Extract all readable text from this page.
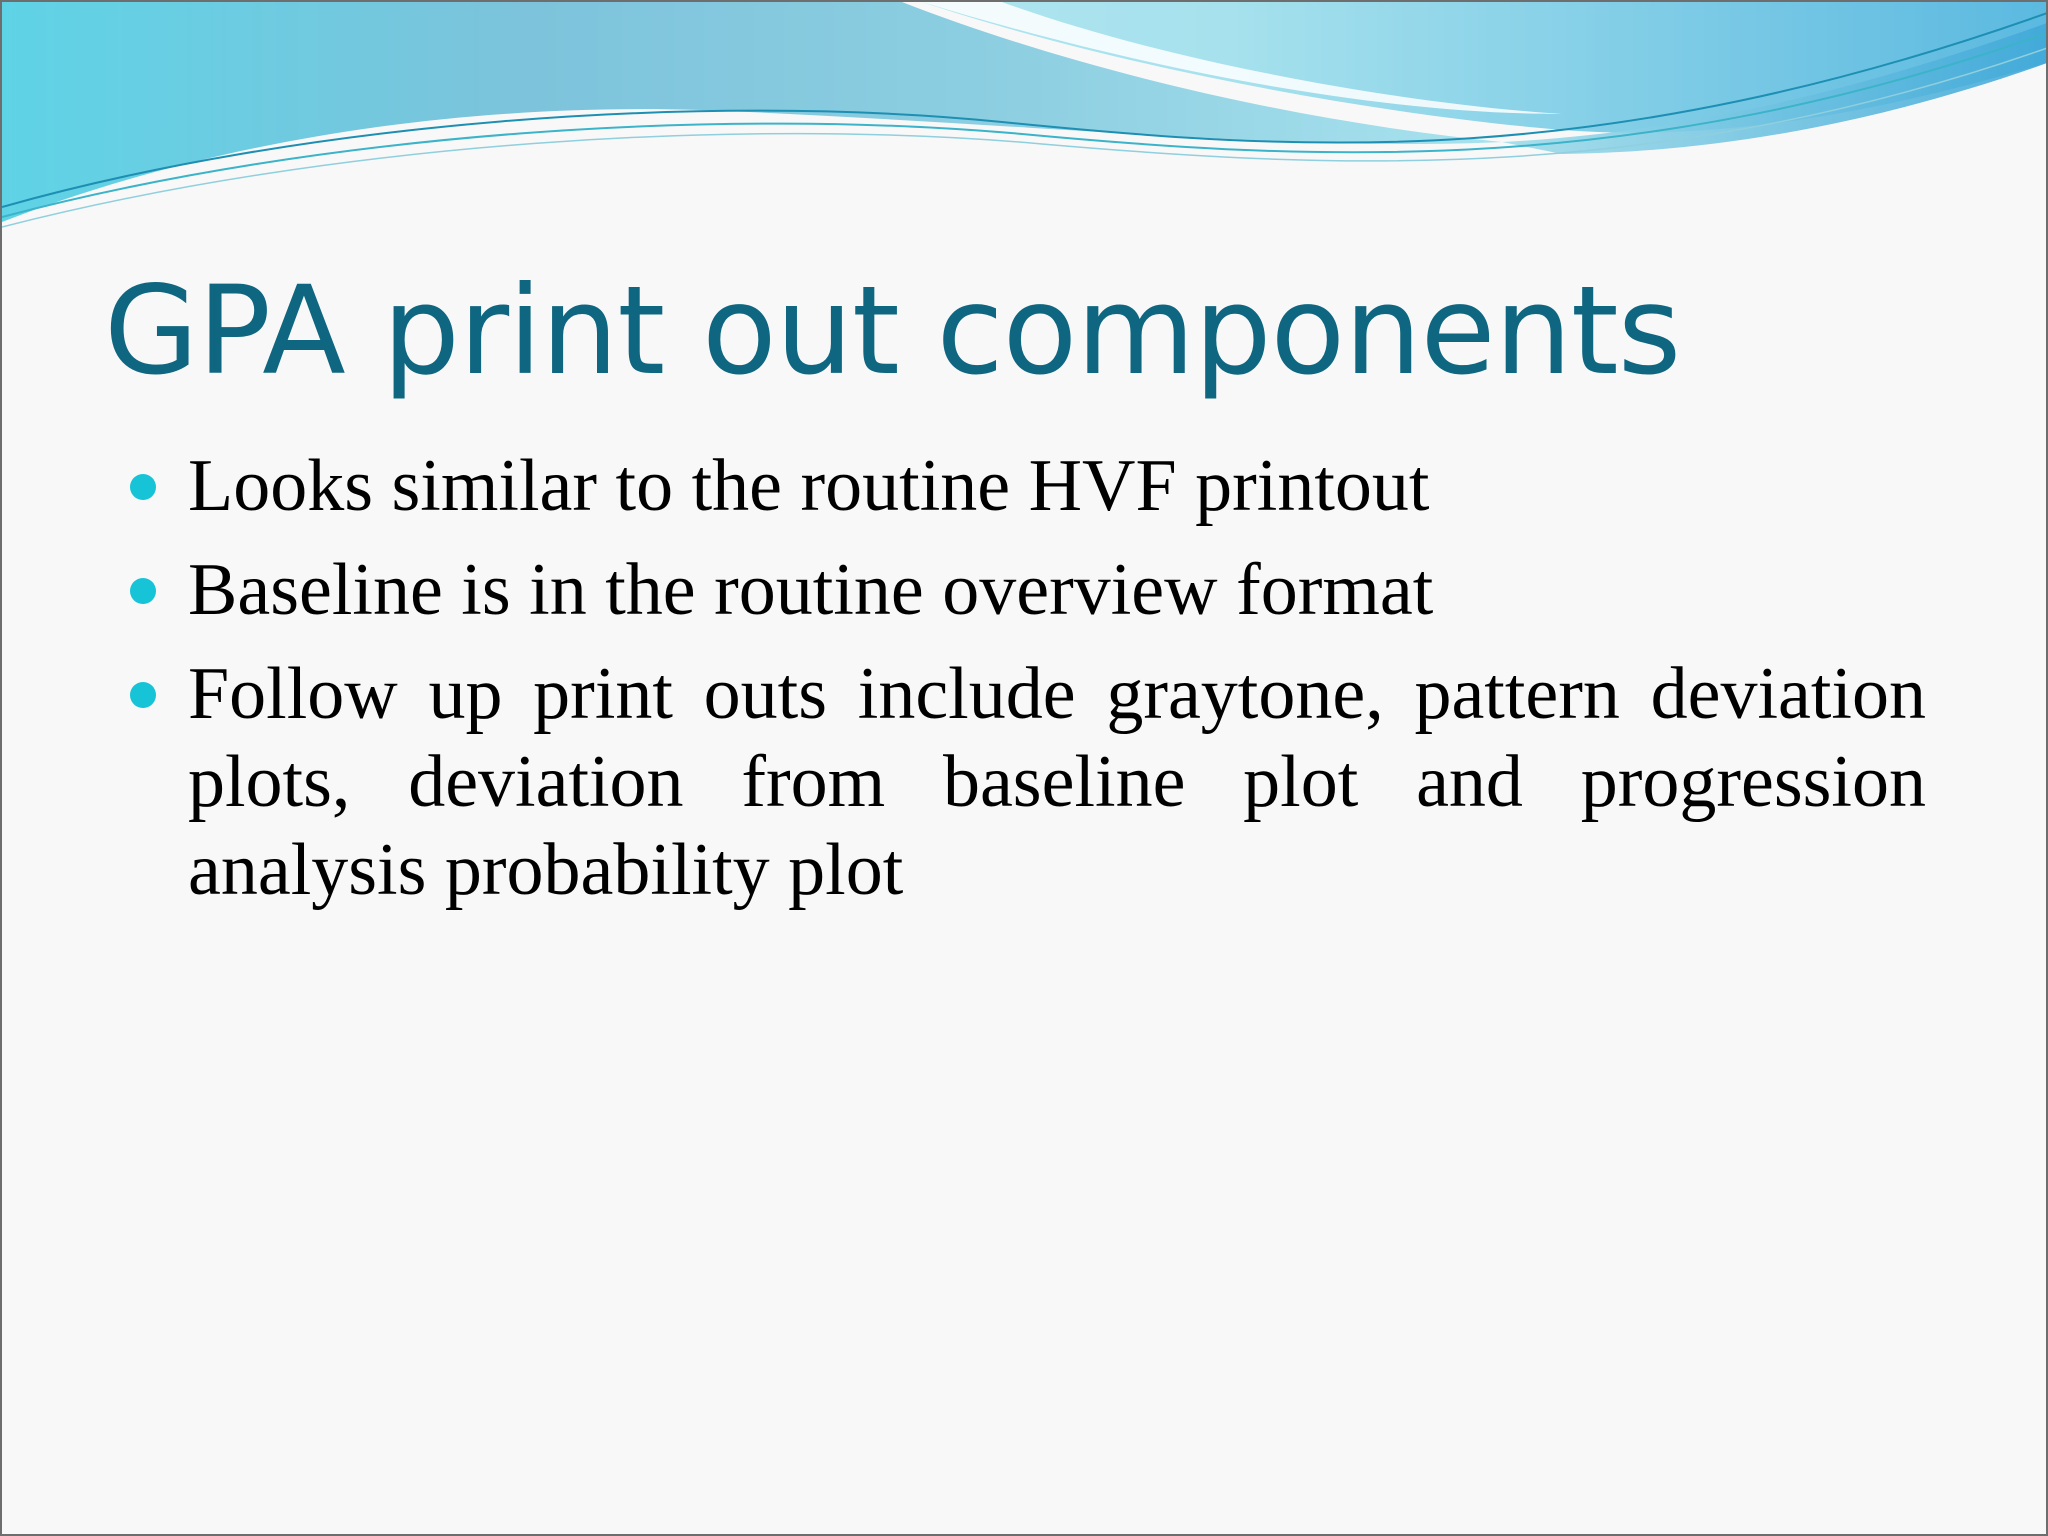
GPA print out components
Looks similar to the routine HVF printout
Baseline is in the routine overview format
Follow up print outs include graytone, pattern deviation plots, deviation from baseline plot and progression analysis probability plot
